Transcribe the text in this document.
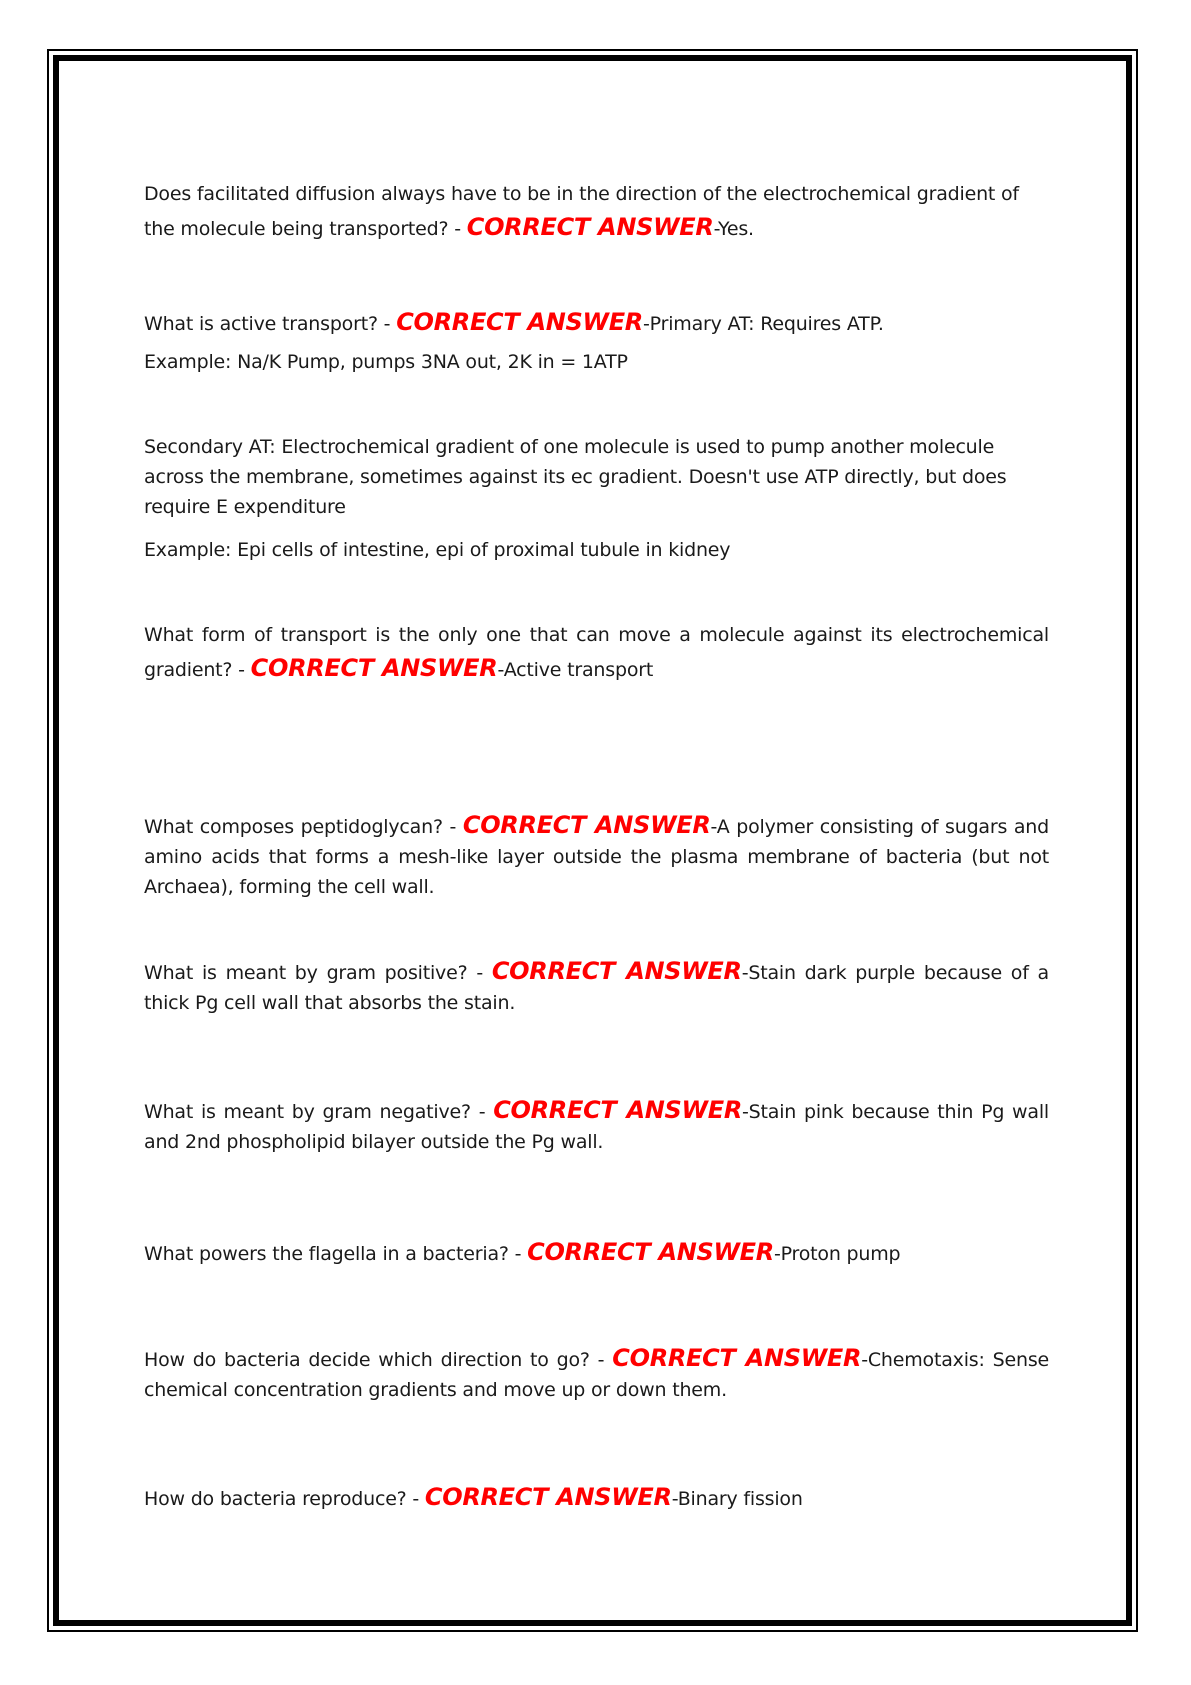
Does facilitated diffusion always have to be in the direction of the electrochemical gradient of the molecule being transported? - CORRECT ANSWER-Yes.
What is active transport? - CORRECT ANSWER-Primary AT: Requires ATP.
Example: Na/K Pump, pumps 3NA out, 2K in = 1ATP
Secondary AT: Electrochemical gradient of one molecule is used to pump another molecule across the membrane, sometimes against its ec gradient. Doesn't use ATP directly, but does require E expenditure
Example: Epi cells of intestine, epi of proximal tubule in kidney
What form of transport is the only one that can move a molecule against its electrochemical gradient? - CORRECT ANSWER-Active transport
What composes peptidoglycan? - CORRECT ANSWER-A polymer consisting of sugars and amino acids that forms a mesh-like layer outside the plasma membrane of bacteria (but not Archaea), forming the cell wall.
What is meant by gram positive? - CORRECT ANSWER-Stain dark purple because of a thick Pg cell wall that absorbs the stain.
What is meant by gram negative? - CORRECT ANSWER-Stain pink because thin Pg wall and 2nd phospholipid bilayer outside the Pg wall.
What powers the flagella in a bacteria? - CORRECT ANSWER-Proton pump
How do bacteria decide which direction to go? - CORRECT ANSWER-Chemotaxis: Sense chemical concentration gradients and move up or down them.
How do bacteria reproduce? - CORRECT ANSWER-Binary fission
